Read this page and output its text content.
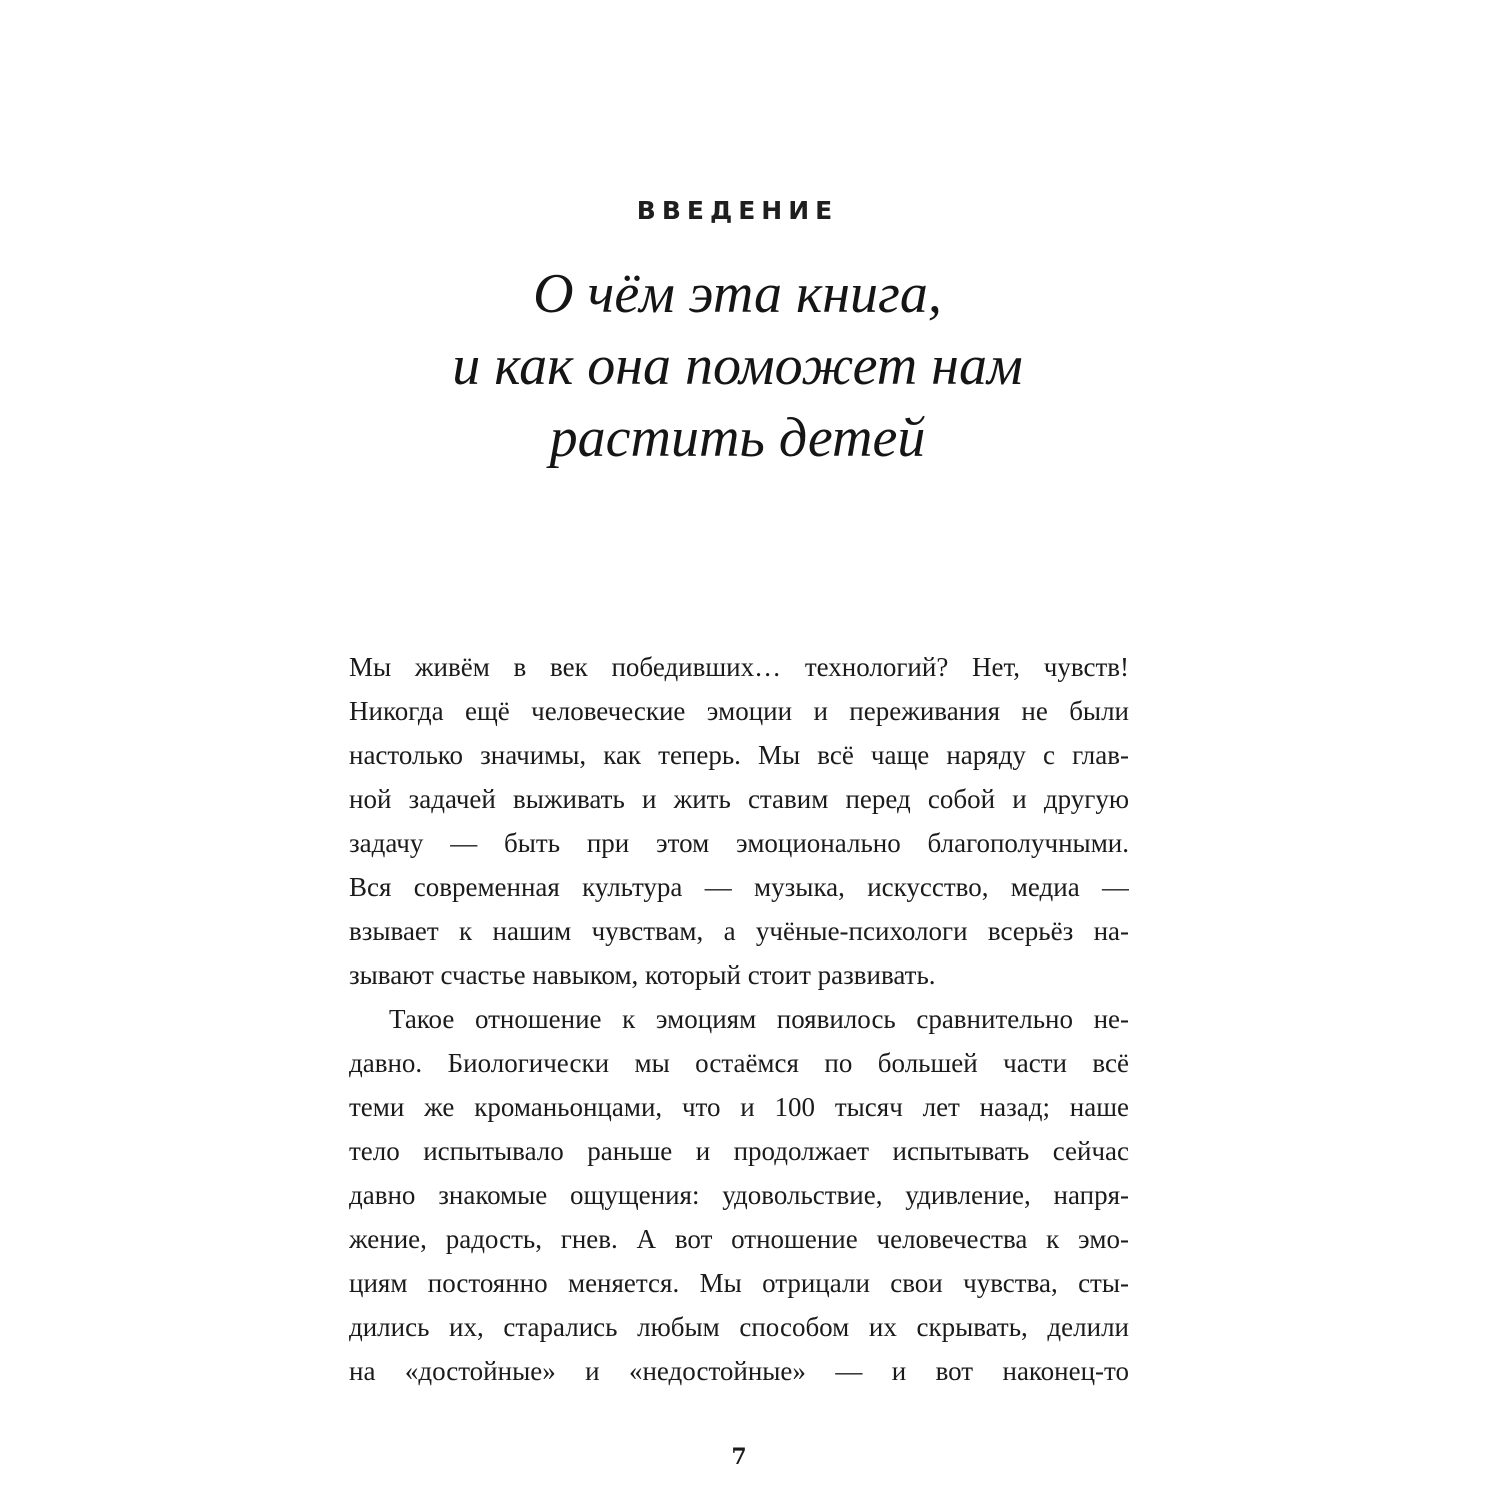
ВВЕДЕНИЕ
О чём эта книга,
и как она поможет нам
растить детей
Мы живём в век победивших… технологий? Нет, чувств!
Никогда ещё человеческие эмоции и переживания не были
настолько значимы, как теперь. Мы всё чаще наряду с глав-
ной задачей выживать и жить ставим перед собой и другую
задачу — быть при этом эмоционально благополучными.
Вся современная культура — музыка, искусство, медиа —
взывает к нашим чувствам, а учёные-психологи всерьёз на-
зывают счастье навыком, который стоит развивать.
Такое отношение к эмоциям появилось сравнительно не-
давно. Биологически мы остаёмся по большей части всё
теми же кроманьонцами, что и 100 тысяч лет назад; наше
тело испытывало раньше и продолжает испытывать сейчас
давно знакомые ощущения: удовольствие, удивление, напря-
жение, радость, гнев. А вот отношение человечества к эмо-
циям постоянно меняется. Мы отрицали свои чувства, сты-
дились их, старались любым способом их скрывать, делили
на «достойные» и «недостойные» — и вот наконец-то
7
